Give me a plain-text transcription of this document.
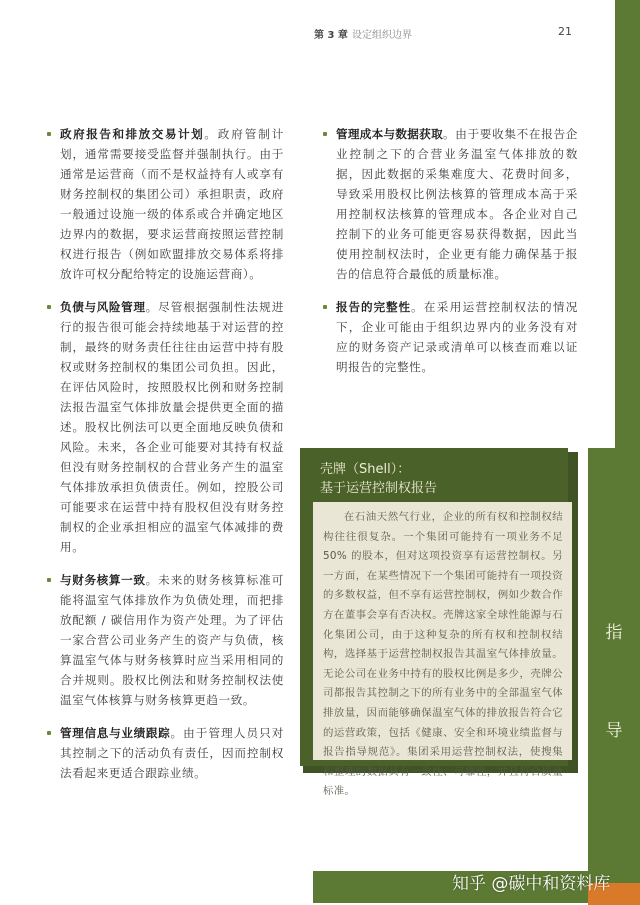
第 3 章 设定组织边界	21
指
导
政府报告和排放交易计划。政府管制计划，通常需要接受监督并强制执行。由于通常是运营商（而不是权益持有人或享有财务控制权的集团公司）承担职责，政府一般通过设施一级的体系或合并确定地区边界内的数据，要求运营商按照运营控制权进行报告（例如欧盟排放交易体系将排放许可权分配给特定的设施运营商）。
负债与风险管理。尽管根据强制性法规进行的报告很可能会持续地基于对运营的控制，最终的财务责任往往由运营中持有股权或财务控制权的集团公司负担。因此，在评估风险时，按照股权比例和财务控制法报告温室气体排放量会提供更全面的描述。股权比例法可以更全面地反映负债和风险。未来，各企业可能要对其持有权益但没有财务控制权的合营业务产生的温室气体排放承担负债责任。例如，控股公司可能要求在运营中持有股权但没有财务控制权的企业承担相应的温室气体减排的费用。
与财务核算一致。未来的财务核算标准可能将温室气体排放作为负债处理，而把排放配额 / 碳信用作为资产处理。为了评估一家合营公司业务产生的资产与负债，核算温室气体与财务核算时应当采用相同的合并规则。股权比例法和财务控制权法使温室气体核算与财务核算更趋一致。
管理信息与业绩跟踪。由于管理人员只对其控制之下的活动负有责任，因而控制权法看起来更适合跟踪业绩。
管理成本与数据获取。由于要收集不在报告企业控制之下的合营业务温室气体排放的数据，因此数据的采集难度大、花费时间多，导致采用股权比例法核算的管理成本高于采用控制权法核算的管理成本。各企业对自己控制下的业务可能更容易获得数据，因此当使用控制权法时，企业更有能力确保基于报告的信息符合最低的质量标准。
报告的完整性。在采用运营控制权法的情况下，企业可能由于组织边界内的业务没有对应的财务资产记录或清单可以核查而难以证明报告的完整性。
壳牌（Shell）：
基于运营控制权报告
在石油天然气行业，企业的所有权和控制权结构往往很复杂。一个集团可能持有一项业务不足 50% 的股本，但对这项投资享有运营控制权。另一方面，在某些情况下一个集团可能持有一项投资的多数权益，但不享有运营控制权，例如少数合作方在董事会享有否决权。壳牌这家全球性能源与石化集团公司，由于这种复杂的所有权和控制权结构，选择基于运营控制权报告其温室气体排放量。无论公司在业务中持有的股权比例是多少，壳牌公司都报告其控制之下的所有业务中的全部温室气体排放量，因而能够确保温室气体的排放报告符合它的运营政策，包括《健康、安全和环境业绩监督与报告指导规范》。集团采用运营控制权法，使搜集和整理的数据具有一致性、可靠性，并且符合质量标准。
知乎 @碳中和资料库
